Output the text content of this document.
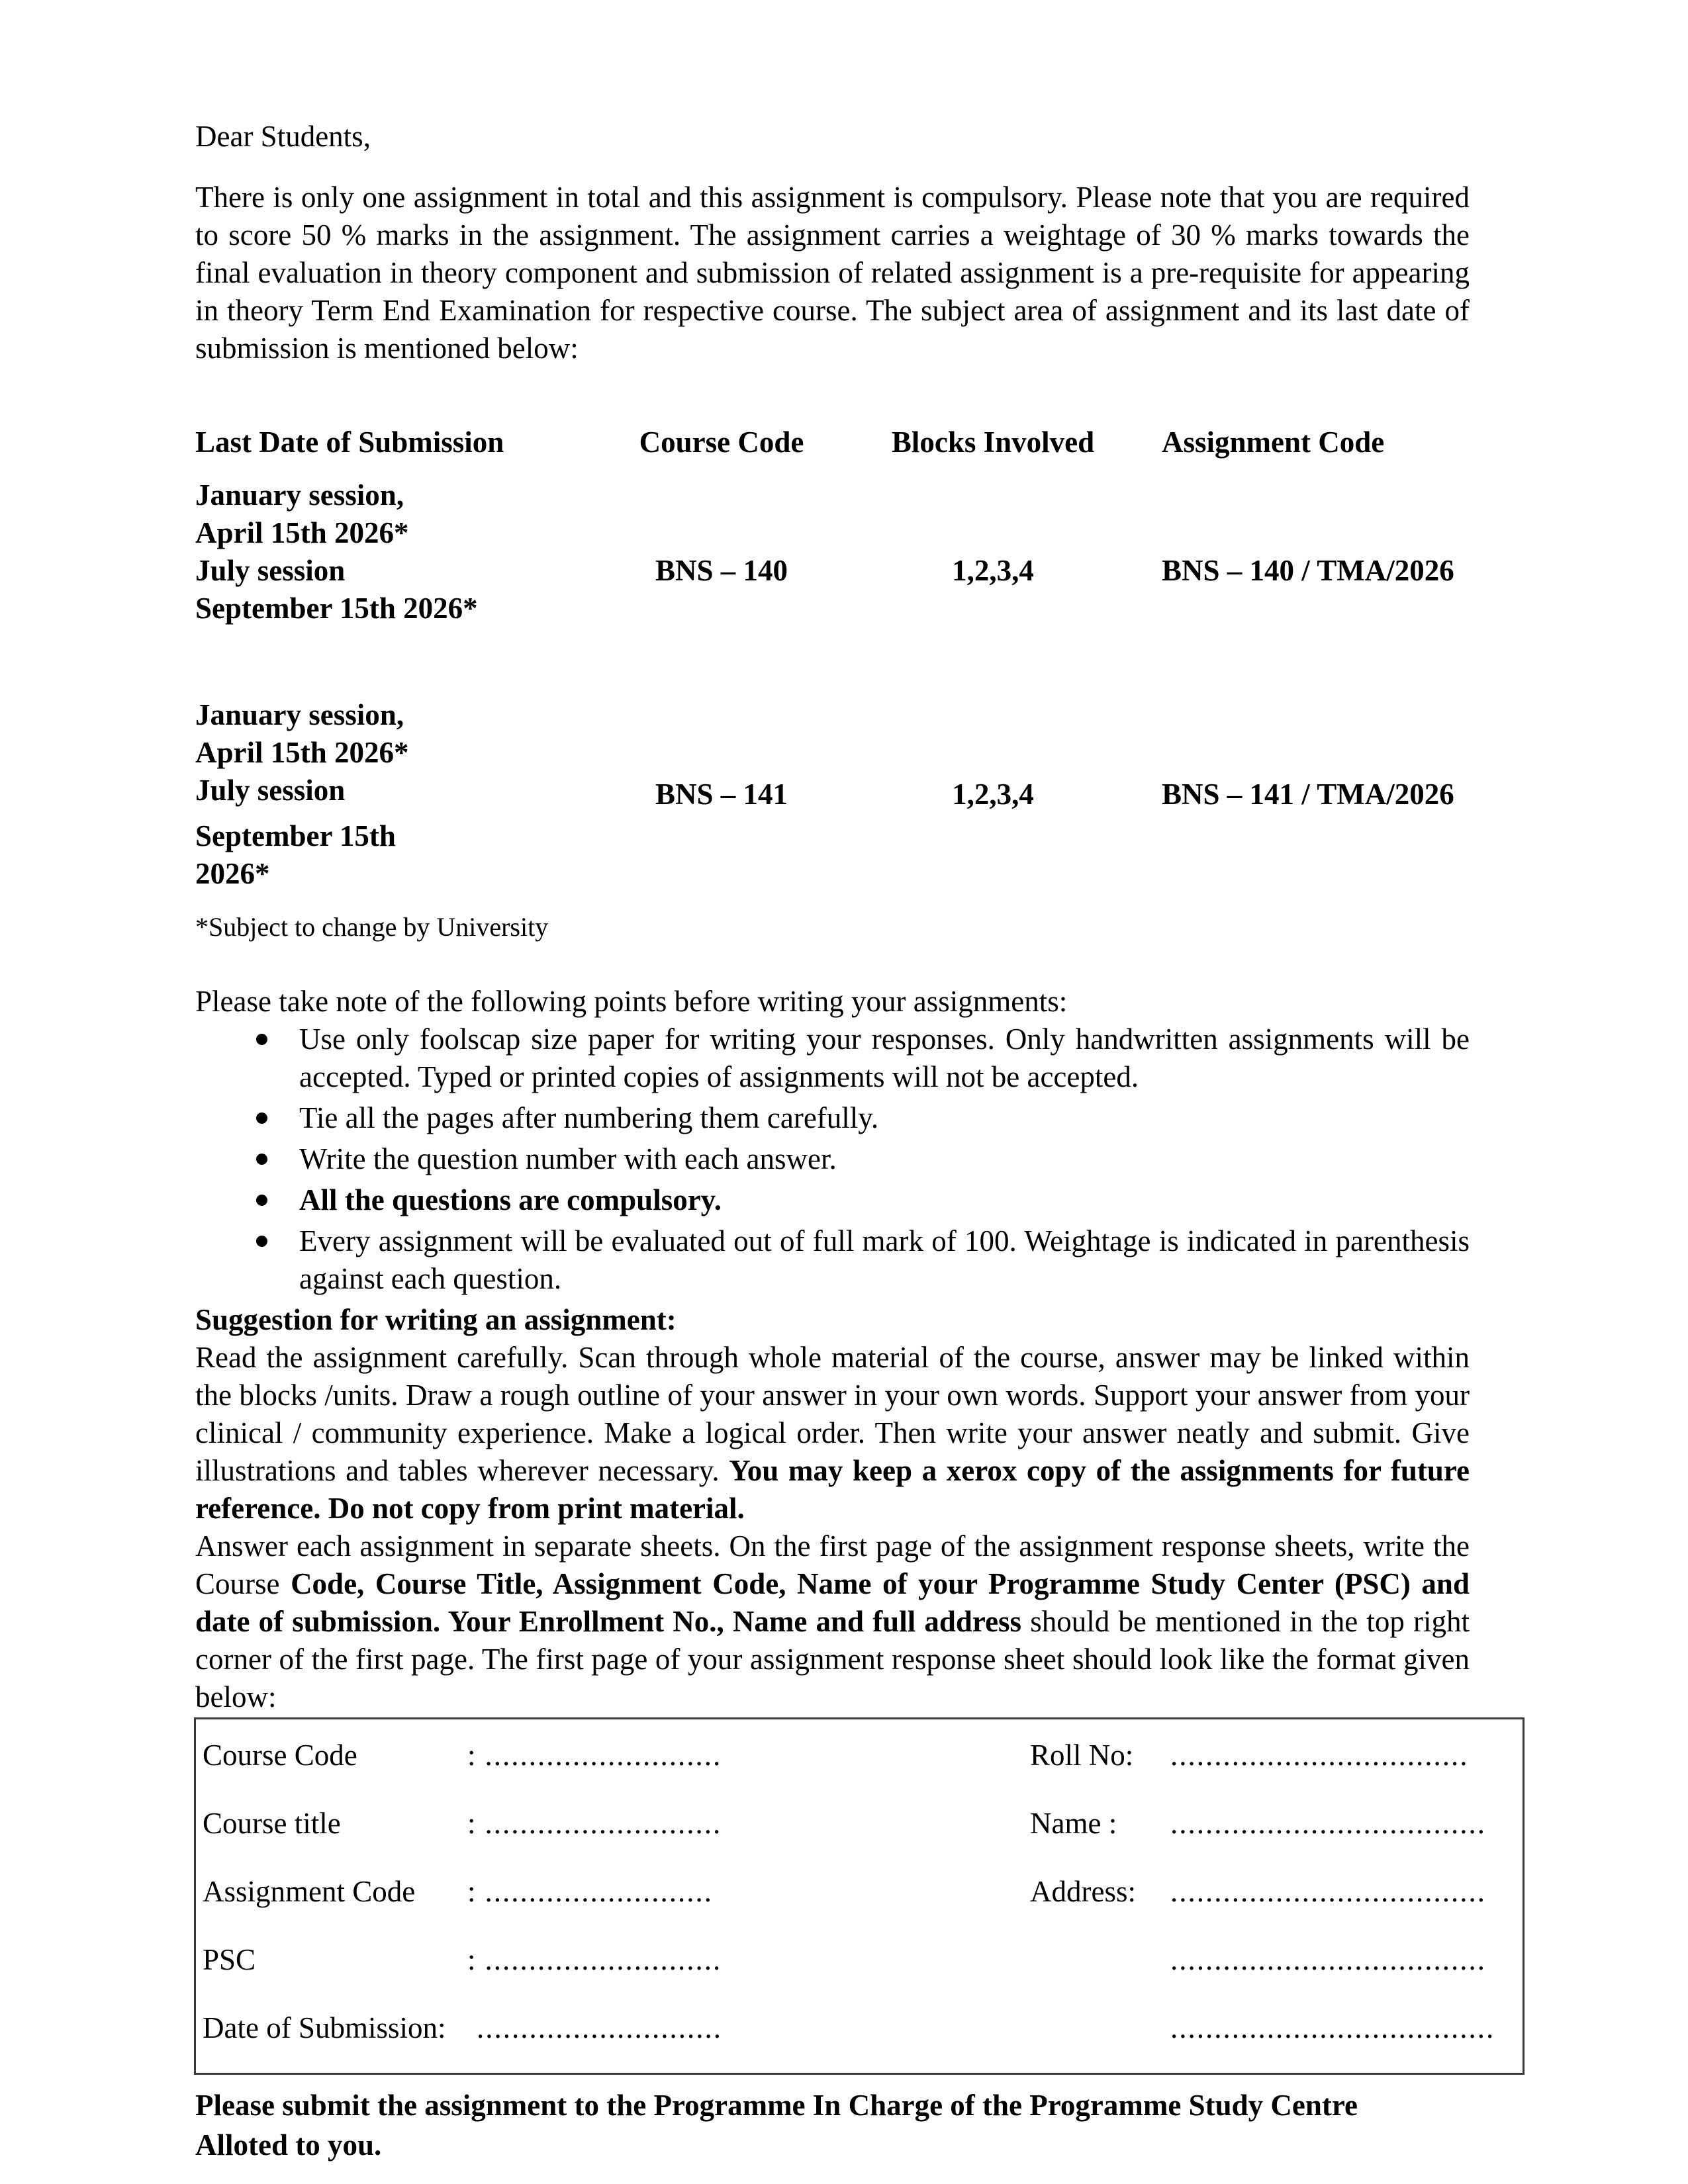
Dear Students,

There is only one assignment in total and this assignment is compulsory. Please note that you are required to score 50 % marks in the assignment. The assignment carries a weightage of 30 % marks towards the final evaluation in theory component and submission of related assignment is a pre-requisite for appearing in theory Term End Examination for respective course. The subject area of assignment and its last date of submission is mentioned below:

Last Date of Submission	Course Code	Blocks Involved	Assignment Code
January session,
April 15th 2026*
July session
September 15th 2026*
BNS – 140	1,2,3,4	BNS – 140 / TMA/2026
January session,
April 15th 2026*
July session
September 15th
2026*
BNS – 141	1,2,3,4	BNS – 141 / TMA/2026

*Subject to change by University

Please take note of the following points before writing your assignments:

Use only foolscap size paper for writing your responses. Only handwritten assignments will be accepted. Typed or printed copies of assignments will not be accepted.
Tie all the pages after numbering them carefully.
Write the question number with each answer.
All the questions are compulsory.
Every assignment will be evaluated out of full mark of 100. Weightage is indicated in parenthesis against each question.

Suggestion for writing an assignment:

Read the assignment carefully. Scan through whole material of the course, answer may be linked within the blocks /units. Draw a rough outline of your answer in your own words. Support your answer from your clinical / community experience. Make a logical order. Then write your answer neatly and submit. Give illustrations and tables wherever necessary. You may keep a xerox copy of the assignments for future reference. Do not copy from print material.

Answer each assignment in separate sheets. On the first page of the assignment response sheets, write the Course Code, Course Title, Assignment Code, Name of your Programme Study Center (PSC) and date of submission. Your Enrollment No., Name and full address should be mentioned in the top right corner of the first page. The first page of your assignment response sheet should look like the format given below:

Course Code	: ...........................	Roll No: ..................................
Course title	: ...........................	Name : ....................................
Assignment Code : ..........................	Address: ....................................
PSC	: ...........................	....................................
Date of Submission: ............................	.....................................

Please submit the assignment to the Programme In Charge of the Programme Study Centre Alloted to you.
